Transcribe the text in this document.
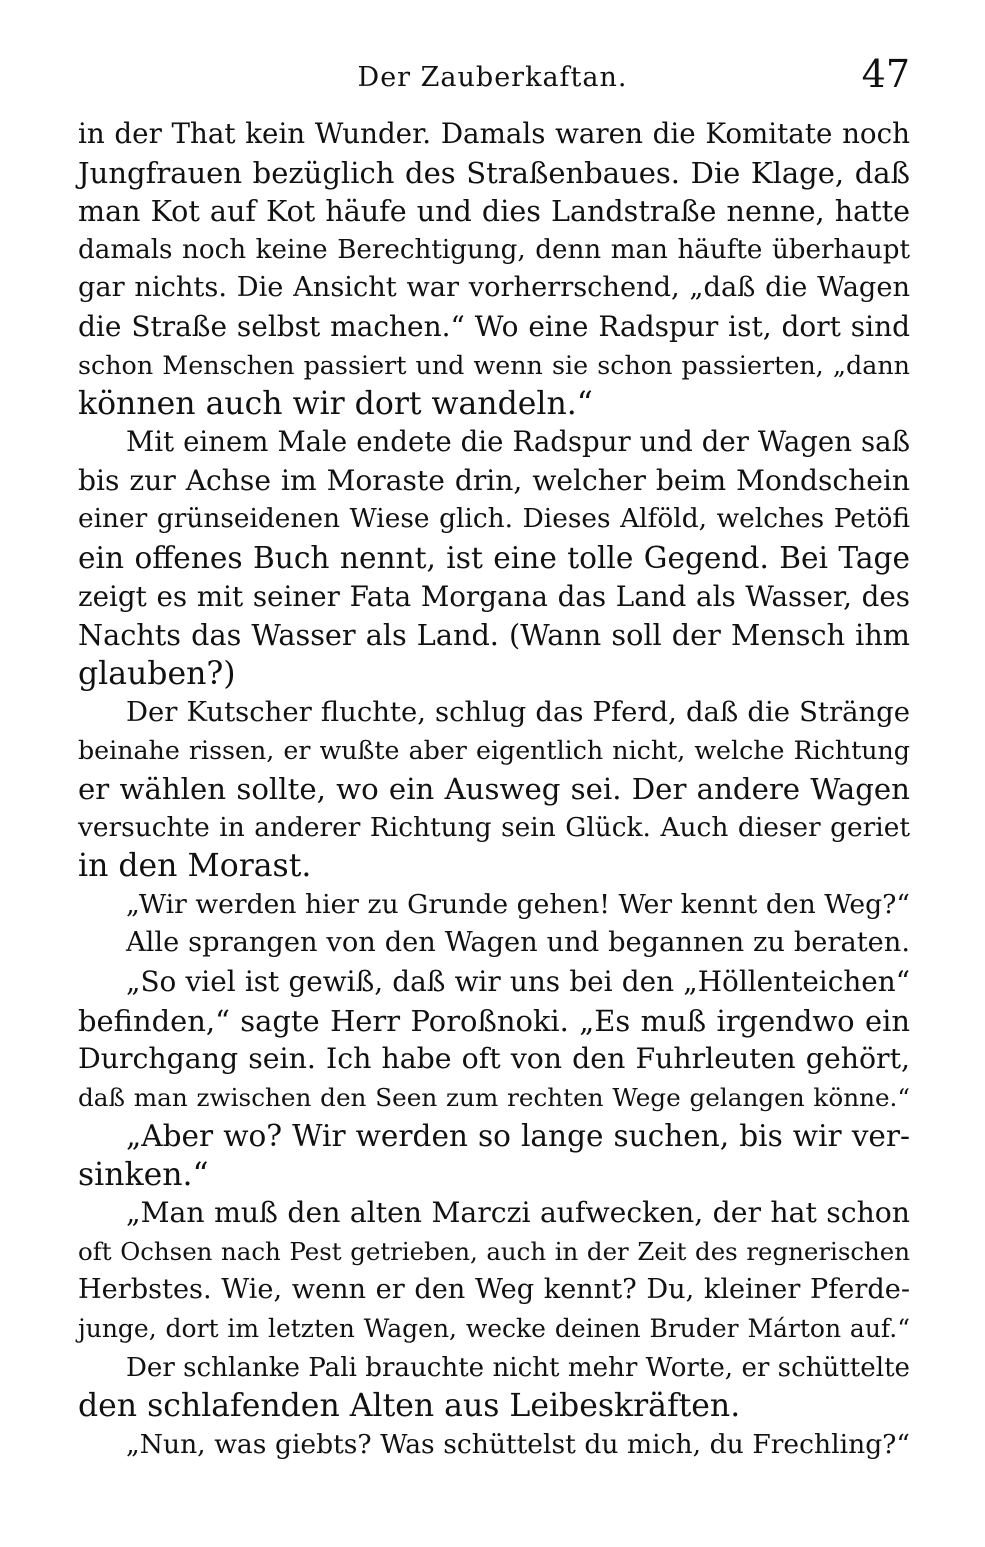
Der Zauberkaftan.	47
in der That kein Wunder. Damals waren die Komitate noch
Jungfrauen bezüglich des Straßenbaues. Die Klage, daß
man Kot auf Kot häufe und dies Landstraße nenne, hatte
damals noch keine Berechtigung, denn man häufte überhaupt
gar nichts. Die Ansicht war vorherrschend, „daß die Wagen
die Straße selbst machen.“ Wo eine Radspur ist, dort sind
schon Menschen passiert und wenn sie schon passierten, „dann
können auch wir dort wandeln.“
Mit einem Male endete die Radspur und der Wagen saß
bis zur Achse im Moraste drin, welcher beim Mondschein
einer grünseidenen Wiese glich. Dieses Alföld, welches Petöfi
ein offenes Buch nennt, ist eine tolle Gegend. Bei Tage
zeigt es mit seiner Fata Morgana das Land als Wasser, des
Nachts das Wasser als Land. (Wann soll der Mensch ihm
glauben?)
Der Kutscher fluchte, schlug das Pferd, daß die Stränge
beinahe rissen, er wußte aber eigentlich nicht, welche Richtung
er wählen sollte, wo ein Ausweg sei. Der andere Wagen
versuchte in anderer Richtung sein Glück. Auch dieser geriet
in den Morast.
„Wir werden hier zu Grunde gehen! Wer kennt den Weg?“
Alle sprangen von den Wagen und begannen zu beraten.
„So viel ist gewiß, daß wir uns bei den „Höllenteichen“
befinden,“ sagte Herr Poroßnoki. „Es muß irgendwo ein
Durchgang sein. Ich habe oft von den Fuhrleuten gehört,
daß man zwischen den Seen zum rechten Wege gelangen könne.“
„Aber wo? Wir werden so lange suchen, bis wir ver-
sinken.“
„Man muß den alten Marczi aufwecken, der hat schon
oft Ochsen nach Pest getrieben, auch in der Zeit des regnerischen
Herbstes. Wie, wenn er den Weg kennt? Du, kleiner Pferde-
junge, dort im letzten Wagen, wecke deinen Bruder Márton auf.“
Der schlanke Pali brauchte nicht mehr Worte, er schüttelte
den schlafenden Alten aus Leibeskräften.
„Nun, was giebts? Was schüttelst du mich, du Frechling?“
